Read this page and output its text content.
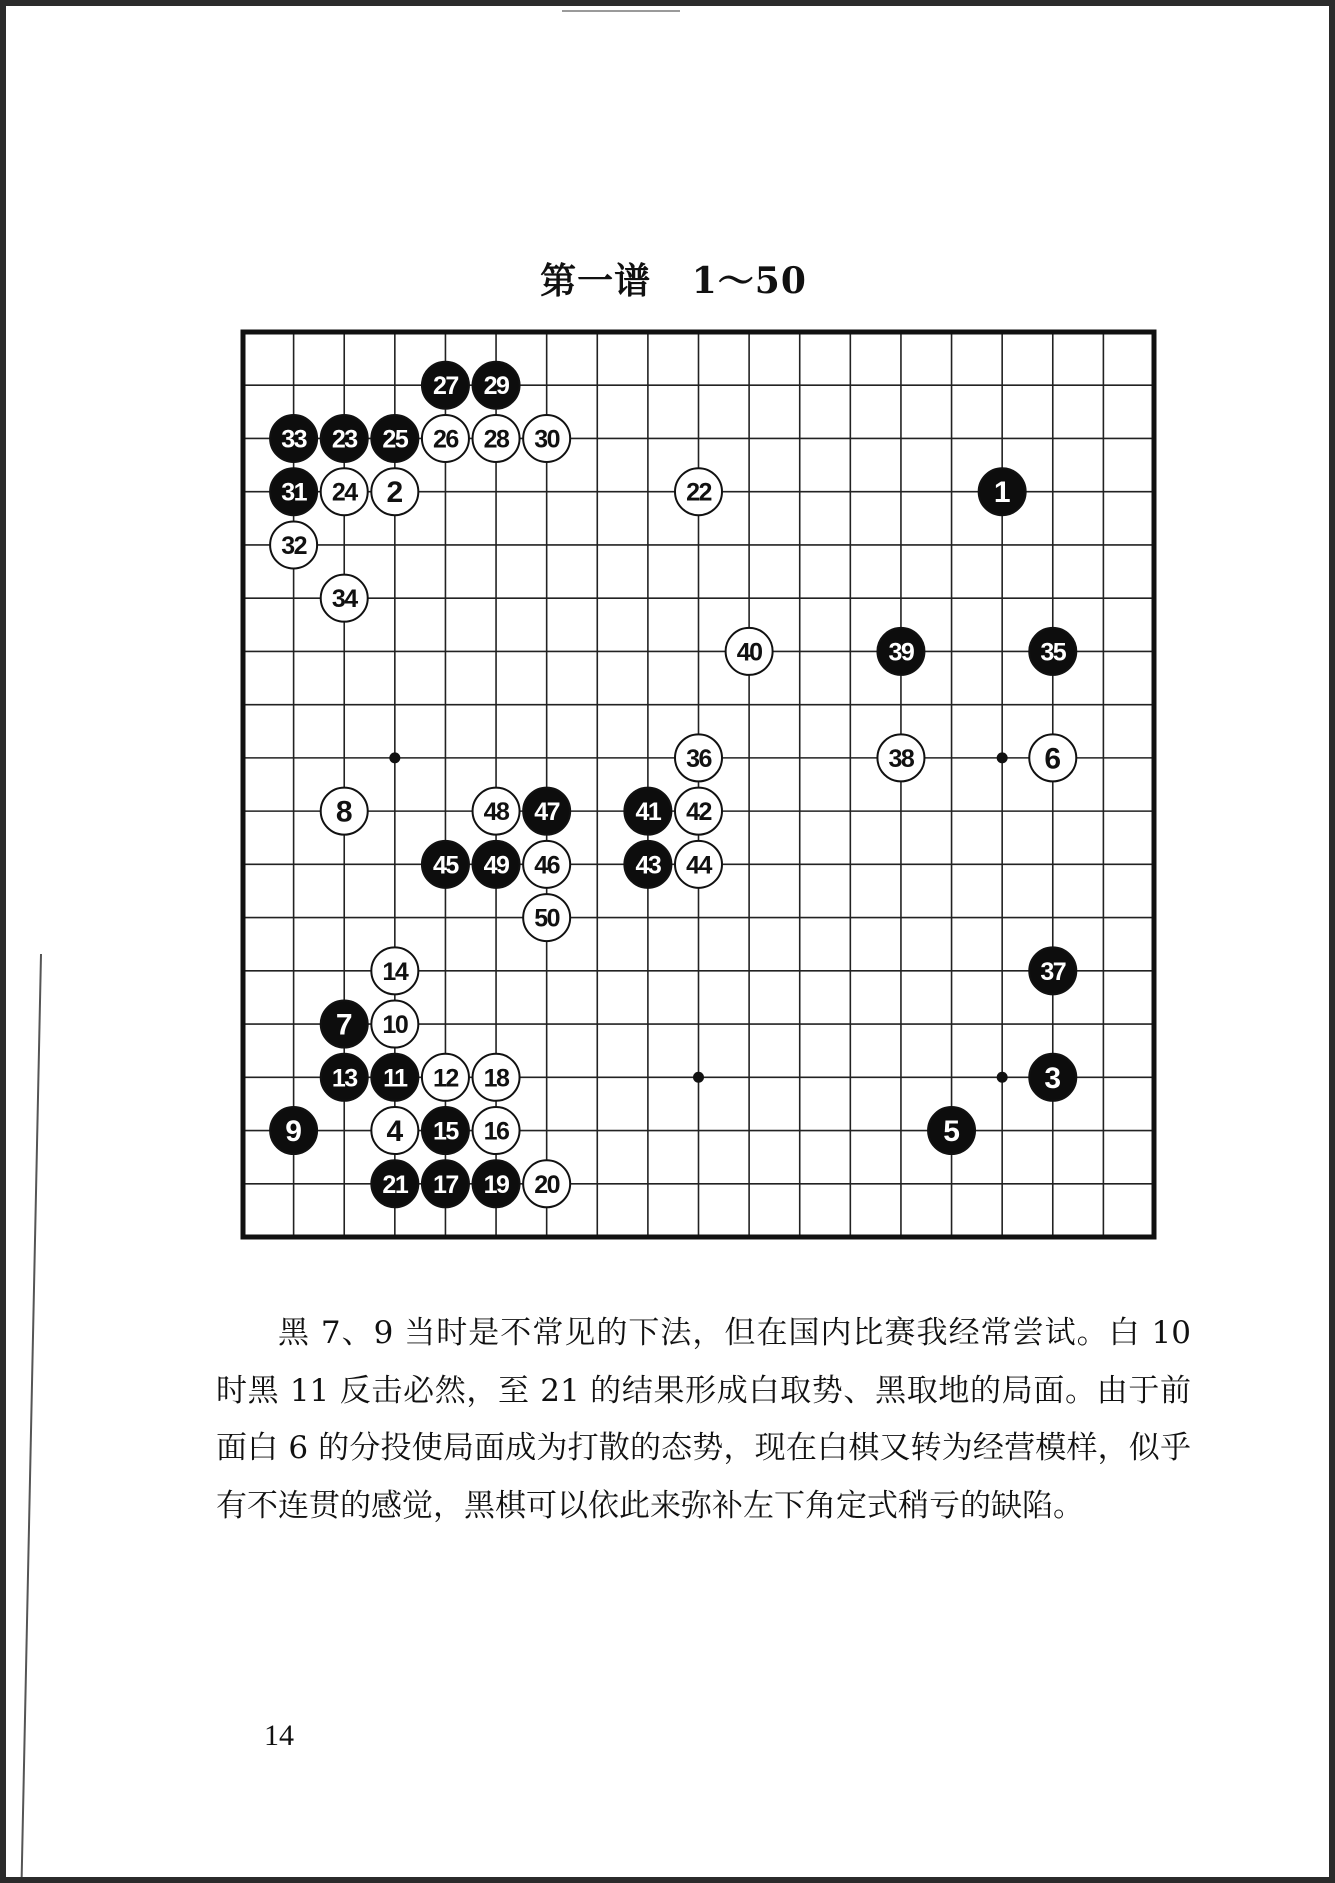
第一谱   1～50
1
2
3
4	5
6
7
8
9
10
11 12
13
14
15 16
17
18
19 20
21
22
23
24
25 26
27
28
29
30
31
32
33
34
35
36
37
38
39
40
41 42
43 44
45	46
47
48
49
50

黑 7、9 当时是不常见的下法，但在国内比赛我经常尝试。白 10 时黑 11 反击必然，至 21 的结果形成白取势、黑取地的局面。由于前面白 6 的分投使局面成为打散的态势，现在白棋又转为经营模样，似乎有不连贯的感觉，黑棋可以依此来弥补左下角定式稍亏的缺陷。

14
